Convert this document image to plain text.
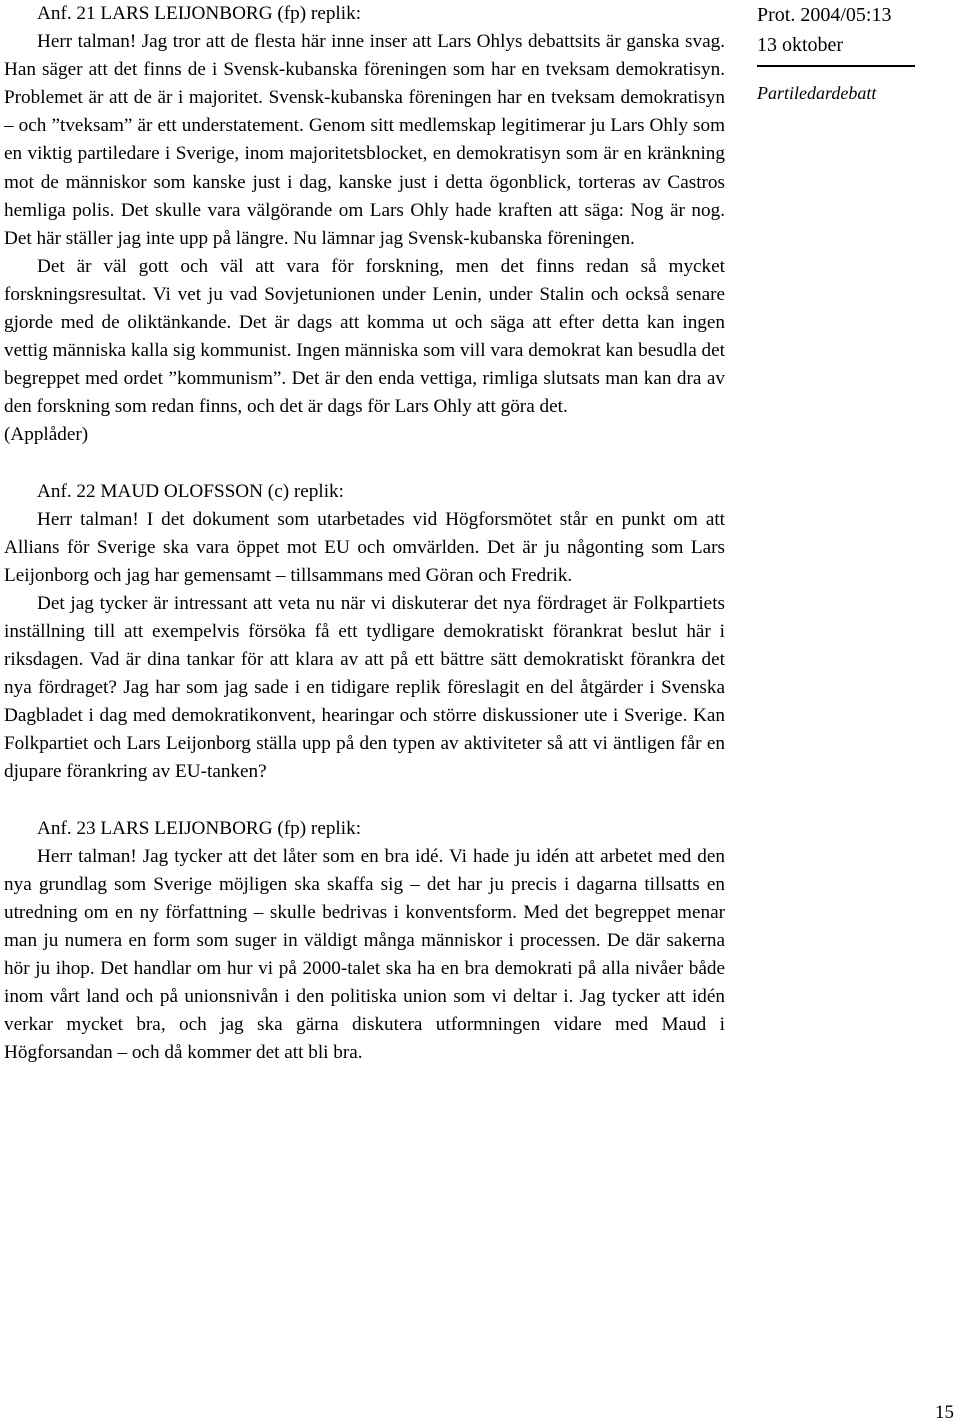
Anf. 21 LARS LEIJONBORG (fp) replik:

Herr talman! Jag tror att de flesta här inne inser att Lars Ohlys debattsits är ganska svag. Han säger att det finns de i Svensk-kubanska föreningen som har en tveksam demokratisyn. Problemet är att de är i majoritet. Svensk-kubanska föreningen har en tveksam demokratisyn – och ”tveksam” är ett understatement. Genom sitt medlemskap legitimerar ju Lars Ohly som en viktig partiledare i Sverige, inom majoritetsblocket, en demokratisyn som är en kränkning mot de människor som kanske just i dag, kanske just i detta ögonblick, torteras av Castros hemliga polis. Det skulle vara välgörande om Lars Ohly hade kraften att säga: Nog är nog. Det här ställer jag inte upp på längre. Nu lämnar jag Svensk-kubanska föreningen.

Det är väl gott och väl att vara för forskning, men det finns redan så mycket forskningsresultat. Vi vet ju vad Sovjetunionen under Lenin, under Stalin och också senare gjorde med de oliktänkande. Det är dags att komma ut och säga att efter detta kan ingen vettig människa kalla sig kommunist. Ingen människa som vill vara demokrat kan besudla det begreppet med ordet ”kommunism”. Det är den enda vettiga, rimliga slutsats man kan dra av den forskning som redan finns, och det är dags för Lars Ohly att göra det.

(Applåder)

Anf. 22 MAUD OLOFSSON (c) replik:

Herr talman! I det dokument som utarbetades vid Högforsmötet står en punkt om att Allians för Sverige ska vara öppet mot EU och omvärlden. Det är ju någonting som Lars Leijonborg och jag har gemensamt – tillsammans med Göran och Fredrik.

Det jag tycker är intressant att veta nu när vi diskuterar det nya fördraget är Folkpartiets inställning till att exempelvis försöka få ett tydligare demokratiskt förankrat beslut här i riksdagen. Vad är dina tankar för att klara av att på ett bättre sätt demokratiskt förankra det nya fördraget? Jag har som jag sade i en tidigare replik föreslagit en del åtgärder i Svenska Dagbladet i dag med demokratikonvent, hearingar och större diskussioner ute i Sverige. Kan Folkpartiet och Lars Leijonborg ställa upp på den typen av aktiviteter så att vi äntligen får en djupare förankring av EU-tanken?

Anf. 23 LARS LEIJONBORG (fp) replik:

Herr talman! Jag tycker att det låter som en bra idé. Vi hade ju idén att arbetet med den nya grundlag som Sverige möjligen ska skaffa sig – det har ju precis i dagarna tillsatts en utredning om en ny författning – skulle bedrivas i konventsform. Med det begreppet menar man ju numera en form som suger in väldigt många människor i processen. De där sakerna hör ju ihop. Det handlar om hur vi på 2000-talet ska ha en bra demokrati på alla nivåer både inom vårt land och på unionsnivån i den politiska union som vi deltar i. Jag tycker att idén verkar mycket bra, och jag ska gärna diskutera utformningen vidare med Maud i Högforsandan – och då kommer det att bli bra.

Prot. 2004/05:13
13 oktober
Partiledardebatt
15
